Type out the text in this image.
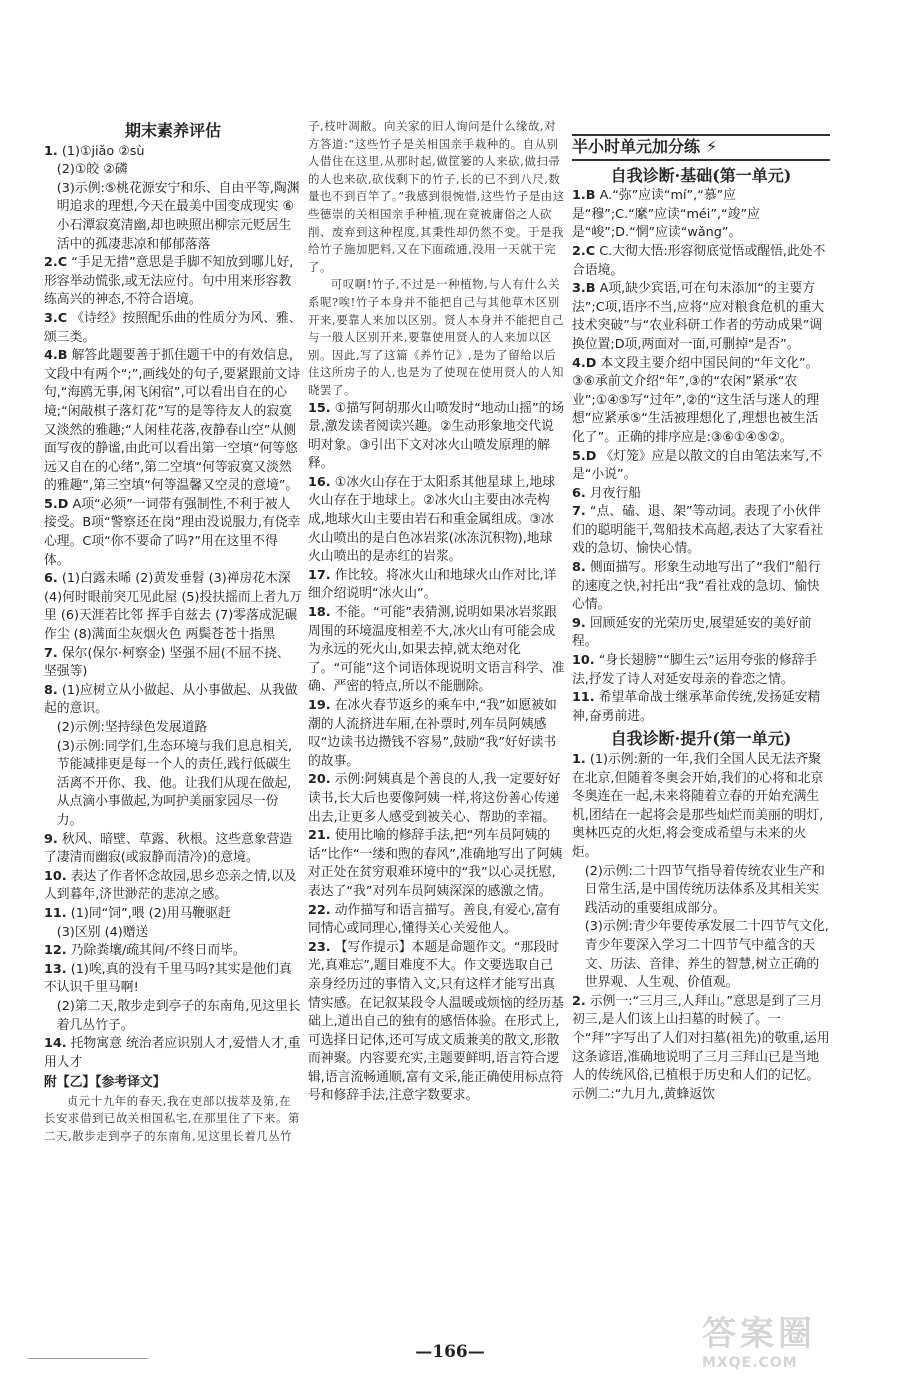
期末素养评估

1. (1)①jiǎo ②sù

(2)①皎 ②磷

(3)示例:⑤桃花源安宁和乐、自由平等,陶渊明追求的理想,今天在最美中国变成现实 ⑥小石潭寂寞清幽,却也映照出柳宗元贬居生活中的孤凄悲凉和郁郁落落

2.C “手足无措”意思是手脚不知放到哪儿好,形容举动慌张,或无法应付。句中用来形容教练高兴的神态,不符合语境。

3.C 《诗经》按照配乐曲的性质分为风、雅、颂三类。

4.B 解答此题要善于抓住题干中的有效信息,文段中有两个“;”,画线处的句子,要紧跟前文诗句,“海鸥无事,闲飞闲宿”,可以看出自在的心境;“闲敲棋子落灯花”写的是等待友人的寂寞又淡然的雅趣;“人闲桂花落,夜静春山空”从侧面写夜的静谧,由此可以看出第一空填“何等悠远又自在的心绪”,第二空填“何等寂寞又淡然的雅趣”,第三空填“何等温馨又空灵的意境”。

5.D A项“必须”一词带有强制性,不利于被人接受。B项“警察还在岗”理由没说服力,有侥幸心理。C项“你不要命了吗?”用在这里不得体。

6. (1)白露未晞 (2)黄发垂髫 (3)禅房花木深 (4)何时眼前突兀见此屋 (5)投扶摇而上者九万里 (6)天涯若比邻 挥手自兹去 (7)零落成泥碾作尘 (8)满面尘灰烟火色 两鬓苍苍十指黑

7. 保尔(保尔·柯察金) 坚强不屈(不屈不挠、坚强等)

8. (1)应树立从小做起、从小事做起、从我做起的意识。

(2)示例:坚持绿色发展道路

(3)示例:同学们,生态环境与我们息息相关,节能减排更是每一个人的责任,践行低碳生活离不开你、我、他。让我们从现在做起,从点滴小事做起,为呵护美丽家园尽一份力。

9. 秋风、暗壁、草露、秋根。这些意象营造了凄清而幽寂(或寂静而清冷)的意境。

10. 表达了作者怀念故园,思乡恋亲之情,以及人到暮年,济世渺茫的悲凉之感。

11. (1)同“饲”,喂 (2)用马鞭驱赶

(3)区别 (4)赠送

12. 乃除粪壤/疏其间/不终日而毕。

13. (1)唉,真的没有千里马吗?其实是他们真不认识千里马啊!

(2)第二天,散步走到亭子的东南角,见这里长着几丛竹子。

14. 托物寓意 统治者应识别人才,爱惜人才,重用人才

附【乙】【参考译文】

贞元十九年的春天,我在吏部以拔萃及第,在长安求借到已故关相国私宅,在那里住了下来。第二天,散步走到亭子的东南角,见这里长着几丛竹

子,枝叶凋敝。向关家的旧人询问是什么缘故,对方答道:“这些竹子是关相国亲手栽种的。自从别人借住在这里,从那时起,做筐篓的人来砍,做扫帚的人也来砍,砍伐剩下的竹子,长的已不到八尺,数量也不到百竿了。”我感到很惋惜,这些竹子是由这些德崇的关相国亲手种植,现在竟被庸俗之人砍削、废弃到这种程度,其秉性却仍然不变。于是我给竹子施加肥料,又在下面疏通,没用一天就干完了。

可叹啊!竹子,不过是一种植物,与人有什么关系呢?唉!竹子本身并不能把自己与其他草木区别开来,要靠人来加以区别。贤人本身并不能把自己与一般人区别开来,要靠使用贤人的人来加以区别。因此,写了这篇《养竹记》,是为了留给以后住这所房子的人,也是为了使现在使用贤人的人知晓罢了。

15. ①描写阿胡那火山喷发时“地动山摇”的场景,激发读者阅读兴趣。②生动形象地交代说明对象。③引出下文对冰火山喷发原理的解释。

16. ①冰火山存在于太阳系其他星球上,地球火山存在于地球上。②冰火山主要由冰壳构成,地球火山主要由岩石和重金属组成。③冰火山喷出的是白色冰岩浆(冰冻沉积物),地球火山喷出的是赤红的岩浆。

17. 作比较。将冰火山和地球火山作对比,详细介绍说明“冰火山”。

18. 不能。“可能”表猜测,说明如果冰岩浆跟周围的环境温度相差不大,冰火山有可能会成为永远的死火山,如果去掉,就太绝对化了。“可能”这个词语体现说明文语言科学、准确、严密的特点,所以不能删除。

19. 在冰火春节返乡的乘车中,“我”如愿被如潮的人流挤进车厢,在补票时,列车员阿姨感叹“边读书边攒钱不容易”,鼓励“我”好好读书的故事。

20. 示例:阿姨真是个善良的人,我一定要好好读书,长大后也要像阿姨一样,将这份善心传递出去,让更多人感受到被关心、帮助的幸福。

21. 使用比喻的修辞手法,把“列车员阿姨的话”比作“一缕和煦的春风”,准确地写出了阿姨对正处在贫穷艰难环境中的“我”以心灵抚慰,表达了“我”对列车员阿姨深深的感激之情。

22. 动作描写和语言描写。善良,有爱心,富有同情心或同理心,懂得关心关爱他人。

23. 【写作提示】本题是命题作文。“那段时光,真难忘”,题目难度不大。作文要选取自己亲身经历过的事情入文,只有这样才能写出真情实感。在记叙某段令人温暖或烦恼的经历基础上,道出自己的独有的感悟体验。在形式上,可选择日记体,还可写成文质兼美的散文,形散而神聚。内容要充实,主题要鲜明,语言符合逻辑,语言流畅通顺,富有文采,能正确使用标点符号和修辞手法,注意字数要求。

半小时单元加分练 ⚡
自我诊断·基础(第一单元)

1.B A.“弥”应读“mí”,“慕”应是“穆”;C.“縻”应读“méi”,“竣”应是“峻”;D.“惘”应读“wǎng”。

2.C C.大彻大悟:形容彻底觉悟或醒悟,此处不合语境。

3.B A项,缺少宾语,可在句末添加“的主要方法”;C项,语序不当,应将“应对粮食危机的重大技术突破”与“农业科研工作者的劳动成果”调换位置;D项,两面对一面,可删掉“是否”。

4.D 本文段主要介绍中国民间的“年文化”。③⑥承前文介绍“年”,③的“农闲”紧承“农业”;①④⑤写“过年”,②的“这生活与迷人的理想”应紧承⑤“生活被理想化了,理想也被生活化了”。正确的排序应是:③⑥①④⑤②。

5.D 《灯笼》应是以散文的自由笔法来写,不是“小说”。

6. 月夜行船

7. “点、磕、退、架”等动词。表现了小伙伴们的聪明能干,驾船技术高超,表达了大家看社戏的急切、愉快心情。

8. 侧面描写。形象生动地写出了“我们”船行的速度之快,衬托出“我”看社戏的急切、愉快心情。

9. 回顾延安的光荣历史,展望延安的美好前程。

10. “身长翅膀”“脚生云”运用夸张的修辞手法,抒发了诗人对延安母亲的眷恋之情。

11. 希望革命战士继承革命传统,发扬延安精神,奋勇前进。

自我诊断·提升(第一单元)

1. (1)示例:新的一年,我们全国人民无法齐聚在北京,但随着冬奥会开始,我们的心将和北京冬奥连在一起,未来将随着立春的开始充满生机,团结在一起将会是那些灿烂而美丽的明灯,奥林匹克的火炬,将会变成希望与未来的火炬。

(2)示例:二十四节气指导着传统农业生产和日常生活,是中国传统历法体系及其相关实践活动的重要组成部分。

(3)示例:青少年要传承发展二十四节气文化,青少年要深入学习二十四节气中蕴含的天文、历法、音律、养生的智慧,树立正确的世界观、人生观、价值观。

2. 示例一:“三月三,人拜山。”意思是到了三月初三,是人们该上山扫墓的时候了。一个“拜”字写出了人们对扫墓(祖先)的敬重,运用这条谚语,准确地说明了三月三拜山已是当地人的传统风俗,已植根于历史和人们的记忆。示例二:“九月九,黄蜂返饮

—166—	答案圈
MXQE.COM
